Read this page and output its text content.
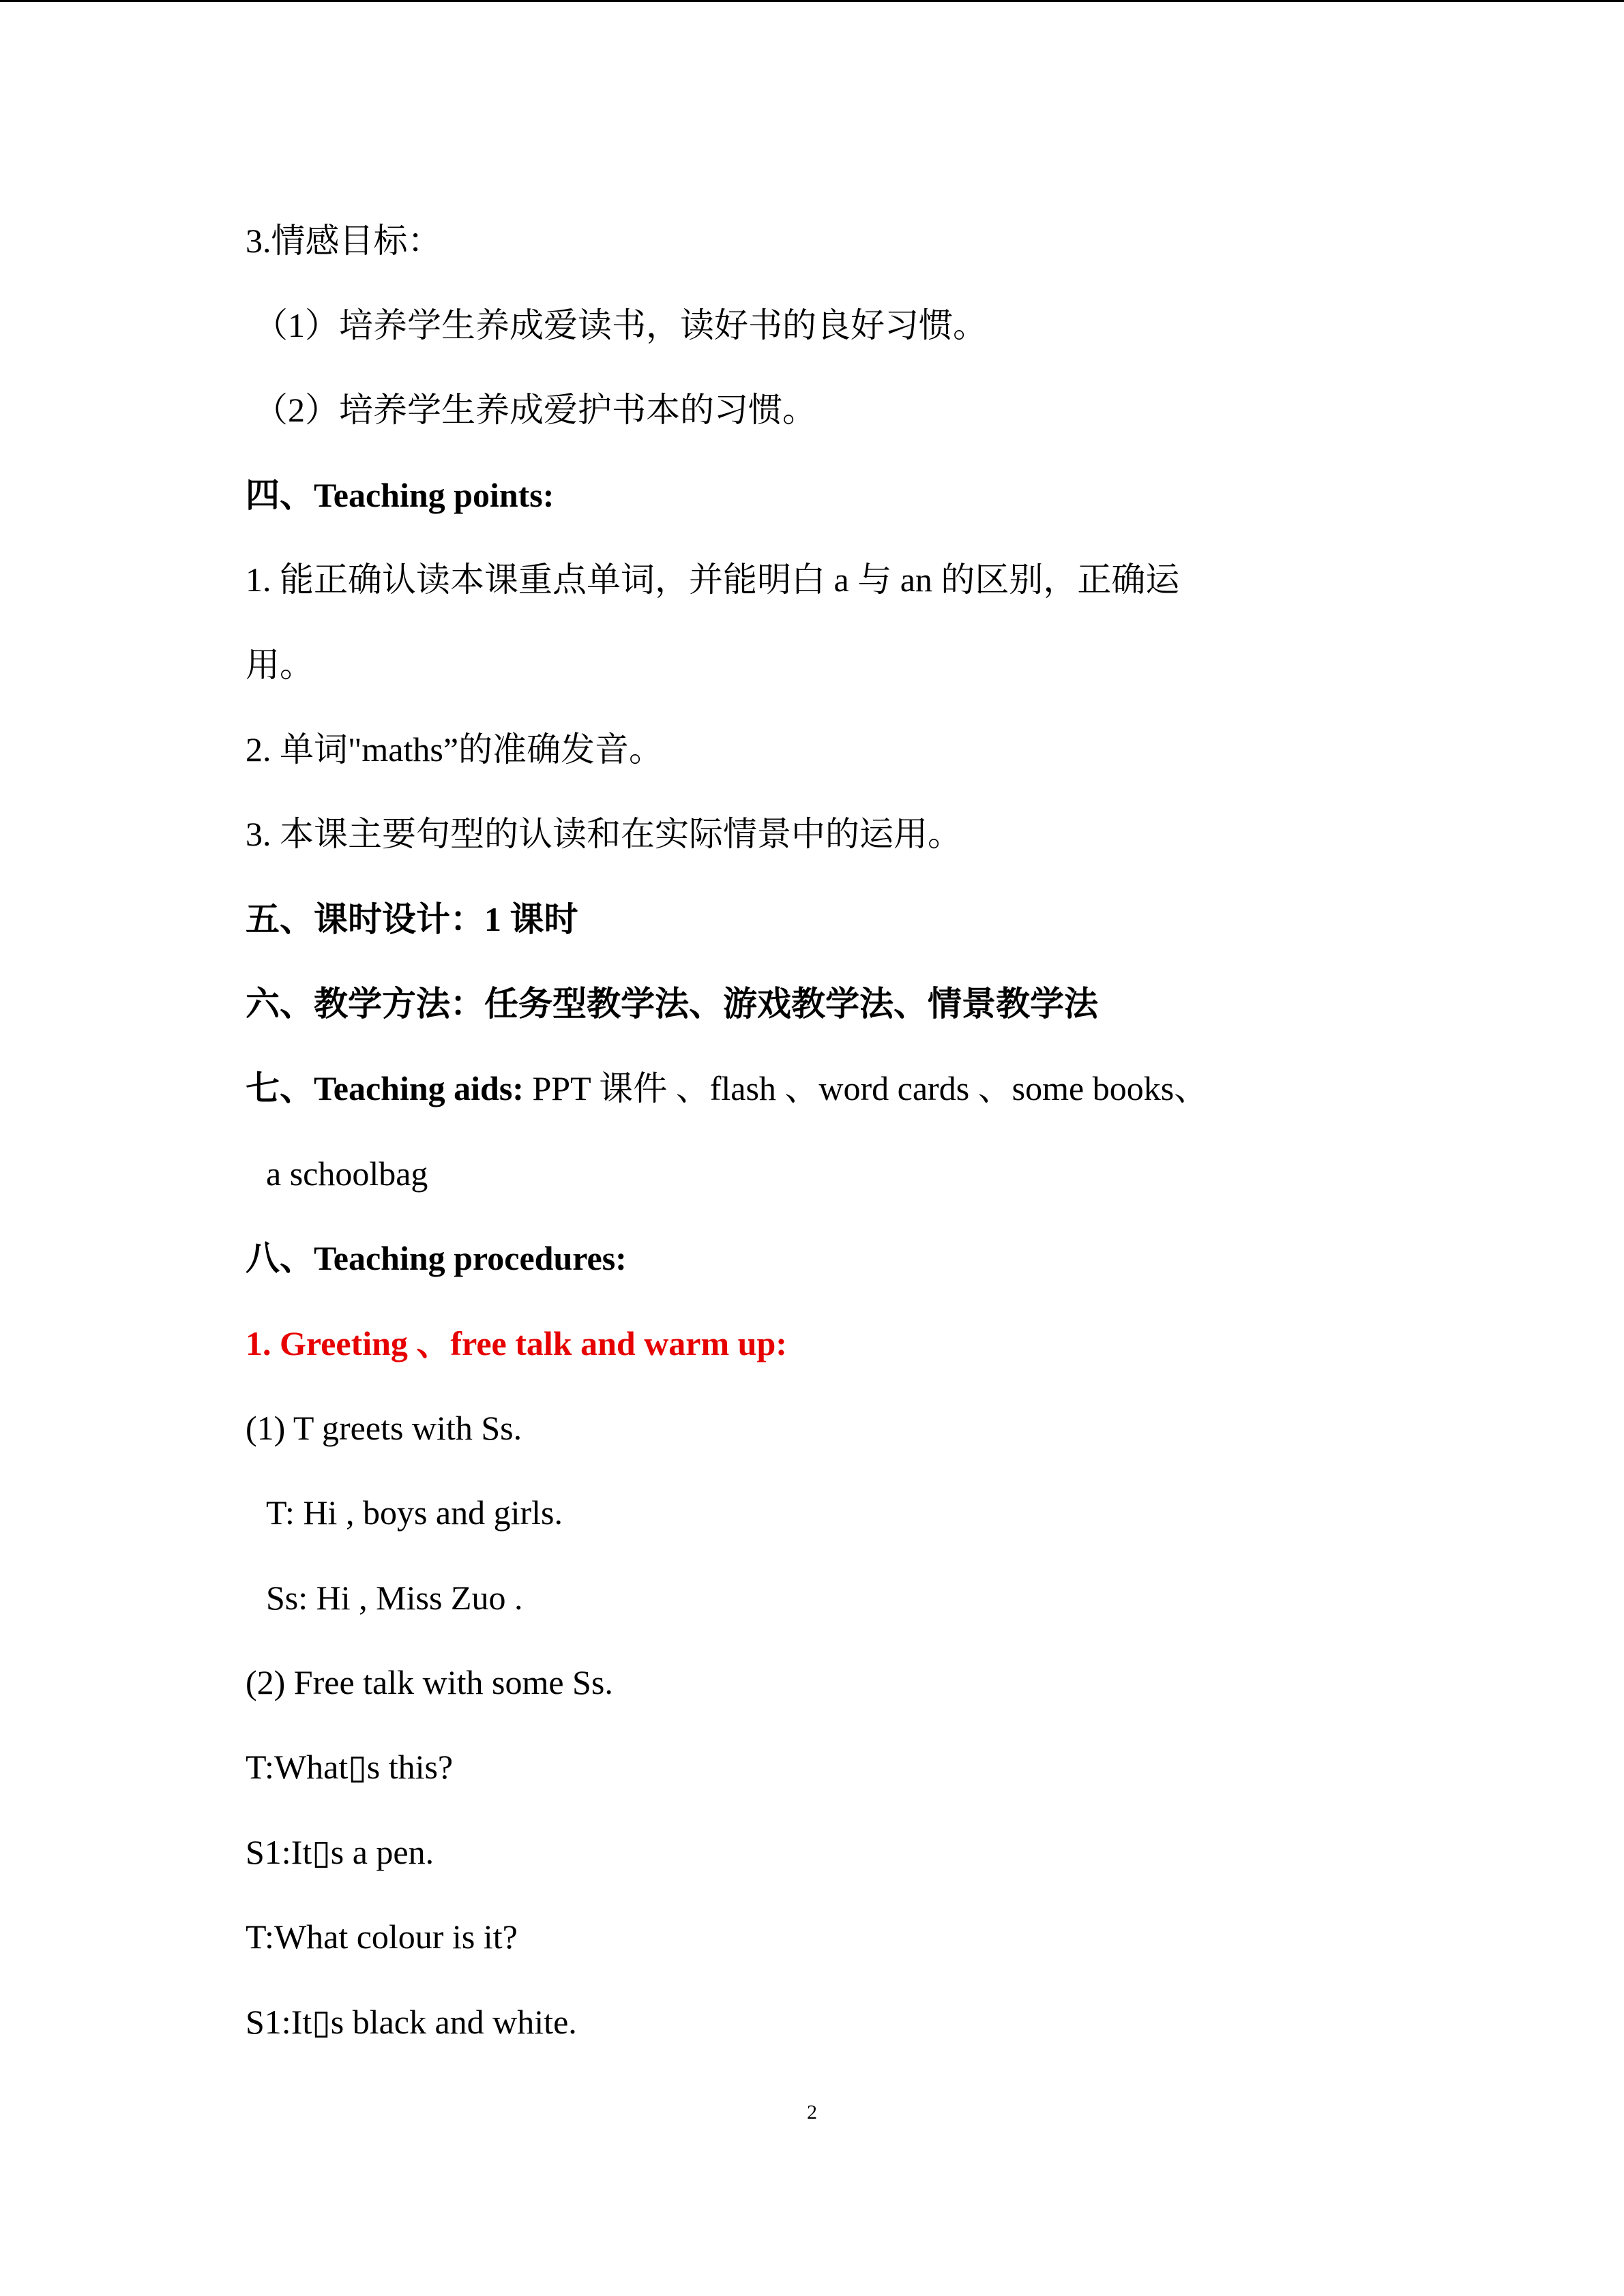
3.情感目标：
（1）培养学生养成爱读书，读好书的良好习惯。
（2）培养学生养成爱护书本的习惯。
四、Teaching points:
1. 能正确认读本课重点单词，并能明白 a 与 an 的区别，正确运
用。
2. 单词"maths”的准确发音。
3. 本课主要句型的认读和在实际情景中的运用。
五、课时设计：1 课时
六、教学方法：任务型教学法、游戏教学法、情景教学法
七、Teaching aids: PPT 课件 、flash 、word cards 、some books、
a schoolbag
八、Teaching procedures:
1. Greeting 、free talk and warm up:
(1) T greets with Ss.
T: Hi , boys and girls.
Ss: Hi , Miss Zuo .
(2) Free talk with some Ss.
T:What▯s this?
S1:It▯s a pen.
T:What colour is it?
S1:It▯s black and white.
2
